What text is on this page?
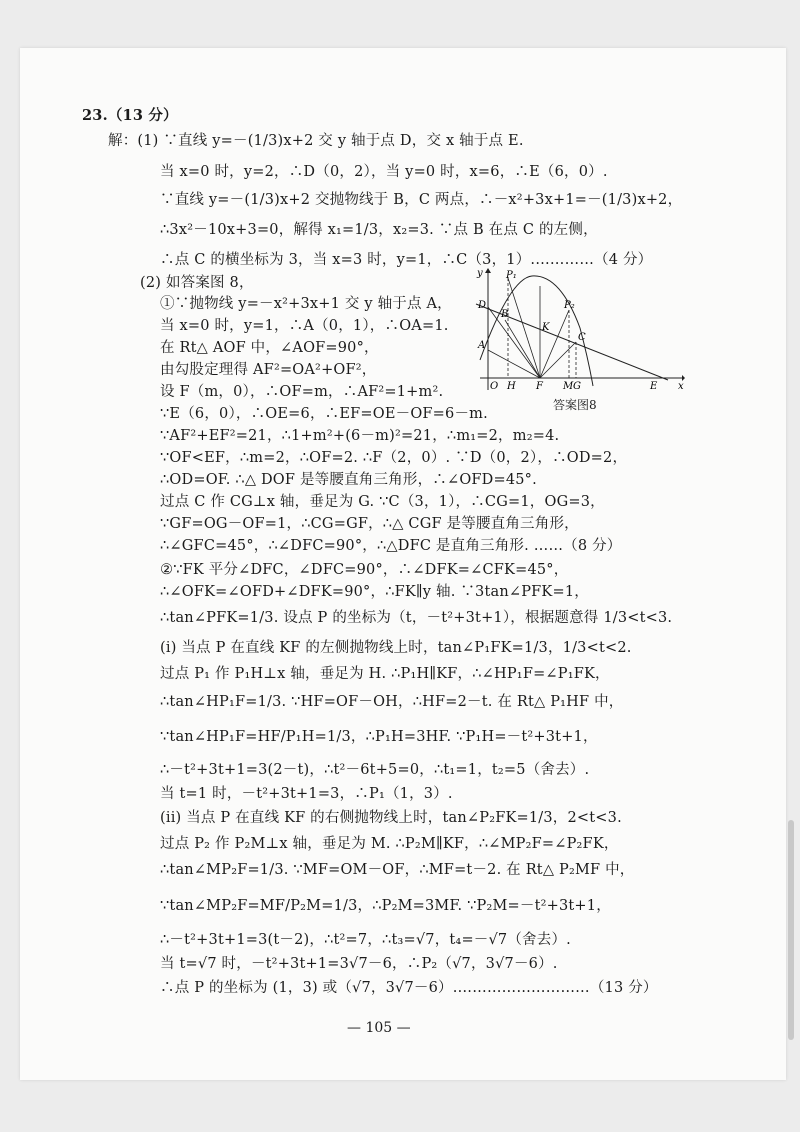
23.（13 分）
解：(1) ∵直线 y=－(1/3)x+2 交 y 轴于点 D，交 x 轴于点 E.
当 x=0 时，y=2，∴D（0，2），当 y=0 时，x=6，∴E（6，0）.
∵直线 y=－(1/3)x+2 交抛物线于 B，C 两点，∴－x²+3x+1=－(1/3)x+2，
∴3x²－10x+3=0，解得 x₁=1/3，x₂=3. ∵点 B 在点 C 的左侧，
∴点 C 的横坐标为 3，当 x=3 时，y=1，∴C（3，1）.…………（4 分）
(2) 如答案图 8，
①∵抛物线 y=－x²+3x+1 交 y 轴于点 A，
当 x=0 时，y=1，∴A（0，1），∴OA=1.
在 Rt△ AOF 中，∠AOF=90°，
由勾股定理得 AF²=OA²+OF²，
设 F（m，0），∴OF=m，∴AF²=1+m².
∵E（6，0），∴OE=6，∴EF=OE－OF=6－m.
∵AF²+EF²=21，∴1+m²+(6－m)²=21，∴m₁=2，m₂=4.
∵OF<EF，∴m=2，∴OF=2. ∴F（2，0）. ∵D（0，2），∴OD=2，
∴OD=OF. ∴△ DOF 是等腰直角三角形，∴∠OFD=45°.
过点 C 作 CG⊥x 轴，垂足为 G. ∵C（3，1），∴CG=1，OG=3，
∵GF=OG－OF=1，∴CG=GF，∴△ CGF 是等腰直角三角形，
∴∠GFC=45°，∴∠DFC=90°，∴△DFC 是直角三角形. ……（8 分）
②∵FK 平分∠DFC，∠DFC=90°，∴∠DFK=∠CFK=45°，
∴∠OFK=∠OFD+∠DFK=90°，∴FK∥y 轴. ∵3tan∠PFK=1，
∴tan∠PFK=1/3. 设点 P 的坐标为（t，－t²+3t+1），根据题意得 1/3<t<3.
(i) 当点 P 在直线 KF 的左侧抛物线上时，tan∠P₁FK=1/3，1/3<t<2.
过点 P₁ 作 P₁H⊥x 轴，垂足为 H. ∴P₁H∥KF，∴∠HP₁F=∠P₁FK，
∴tan∠HP₁F=1/3. ∵HF=OF－OH，∴HF=2－t. 在 Rt△ P₁HF 中，
∵tan∠HP₁F=HF/P₁H=1/3，∴P₁H=3HF. ∵P₁H=－t²+3t+1，
∴－t²+3t+1=3(2－t)，∴t²－6t+5=0，∴t₁=1，t₂=5（舍去）.
当 t=1 时，－t²+3t+1=3，∴P₁（1，3）.
(ii) 当点 P 在直线 KF 的右侧抛物线上时，tan∠P₂FK=1/3，2<t<3.
过点 P₂ 作 P₂M⊥x 轴，垂足为 M. ∴P₂M∥KF，∴∠MP₂F=∠P₂FK，
∴tan∠MP₂F=1/3. ∵MF=OM－OF，∴MF=t－2. 在 Rt△ P₂MF 中，
∵tan∠MP₂F=MF/P₂M=1/3，∴P₂M=3MF. ∵P₂M=－t²+3t+1，
∴－t²+3t+1=3(t－2)，∴t²=7，∴t₃=√7，t₄=－√7（舍去）.
当 t=√7 时，－t²+3t+1=3√7－6，∴P₂（√7，3√7－6）.
∴点 P 的坐标为 (1，3) 或（√7，3√7－6）.………………………（13 分）
y
x
O H F M G	E
D
A
B
K
C
P₁
P₂
答案图8
— 105 —
